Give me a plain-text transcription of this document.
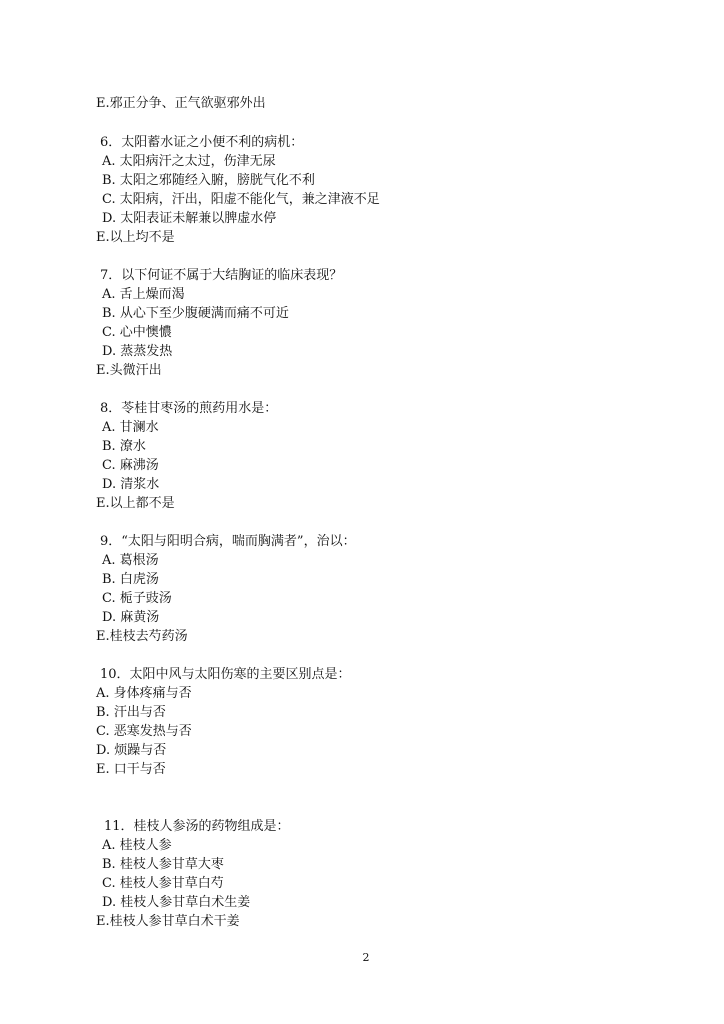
E.邪正分争、正气欲驱邪外出
6．太阳蓄水证之小便不利的病机：
A. 太阳病汗之太过，伤津无尿
B. 太阳之邪随经入腑，膀胱气化不利
C. 太阳病，汗出，阳虚不能化气，兼之津液不足
D. 太阳表证未解兼以脾虚水停
E.以上均不是
7．以下何证不属于大结胸证的临床表现？
A. 舌上燥而渴
B. 从心下至少腹硬满而痛不可近
C. 心中懊憹
D. 蒸蒸发热
E.头微汗出
8．苓桂甘枣汤的煎药用水是：
A. 甘澜水
B. 潦水
C. 麻沸汤
D. 清浆水
E.以上都不是
9．“太阳与阳明合病，喘而胸满者”，治以：
A. 葛根汤
B. 白虎汤
C. 栀子豉汤
D. 麻黄汤
E.桂枝去芍药汤
10．太阳中风与太阳伤寒的主要区别点是：
A. 身体疼痛与否
B. 汗出与否
C. 恶寒发热与否
D. 烦躁与否
E. 口干与否
11．桂枝人参汤的药物组成是：
A. 桂枝人参
B. 桂枝人参甘草大枣
C. 桂枝人参甘草白芍
D. 桂枝人参甘草白术生姜
E.桂枝人参甘草白术干姜
2
